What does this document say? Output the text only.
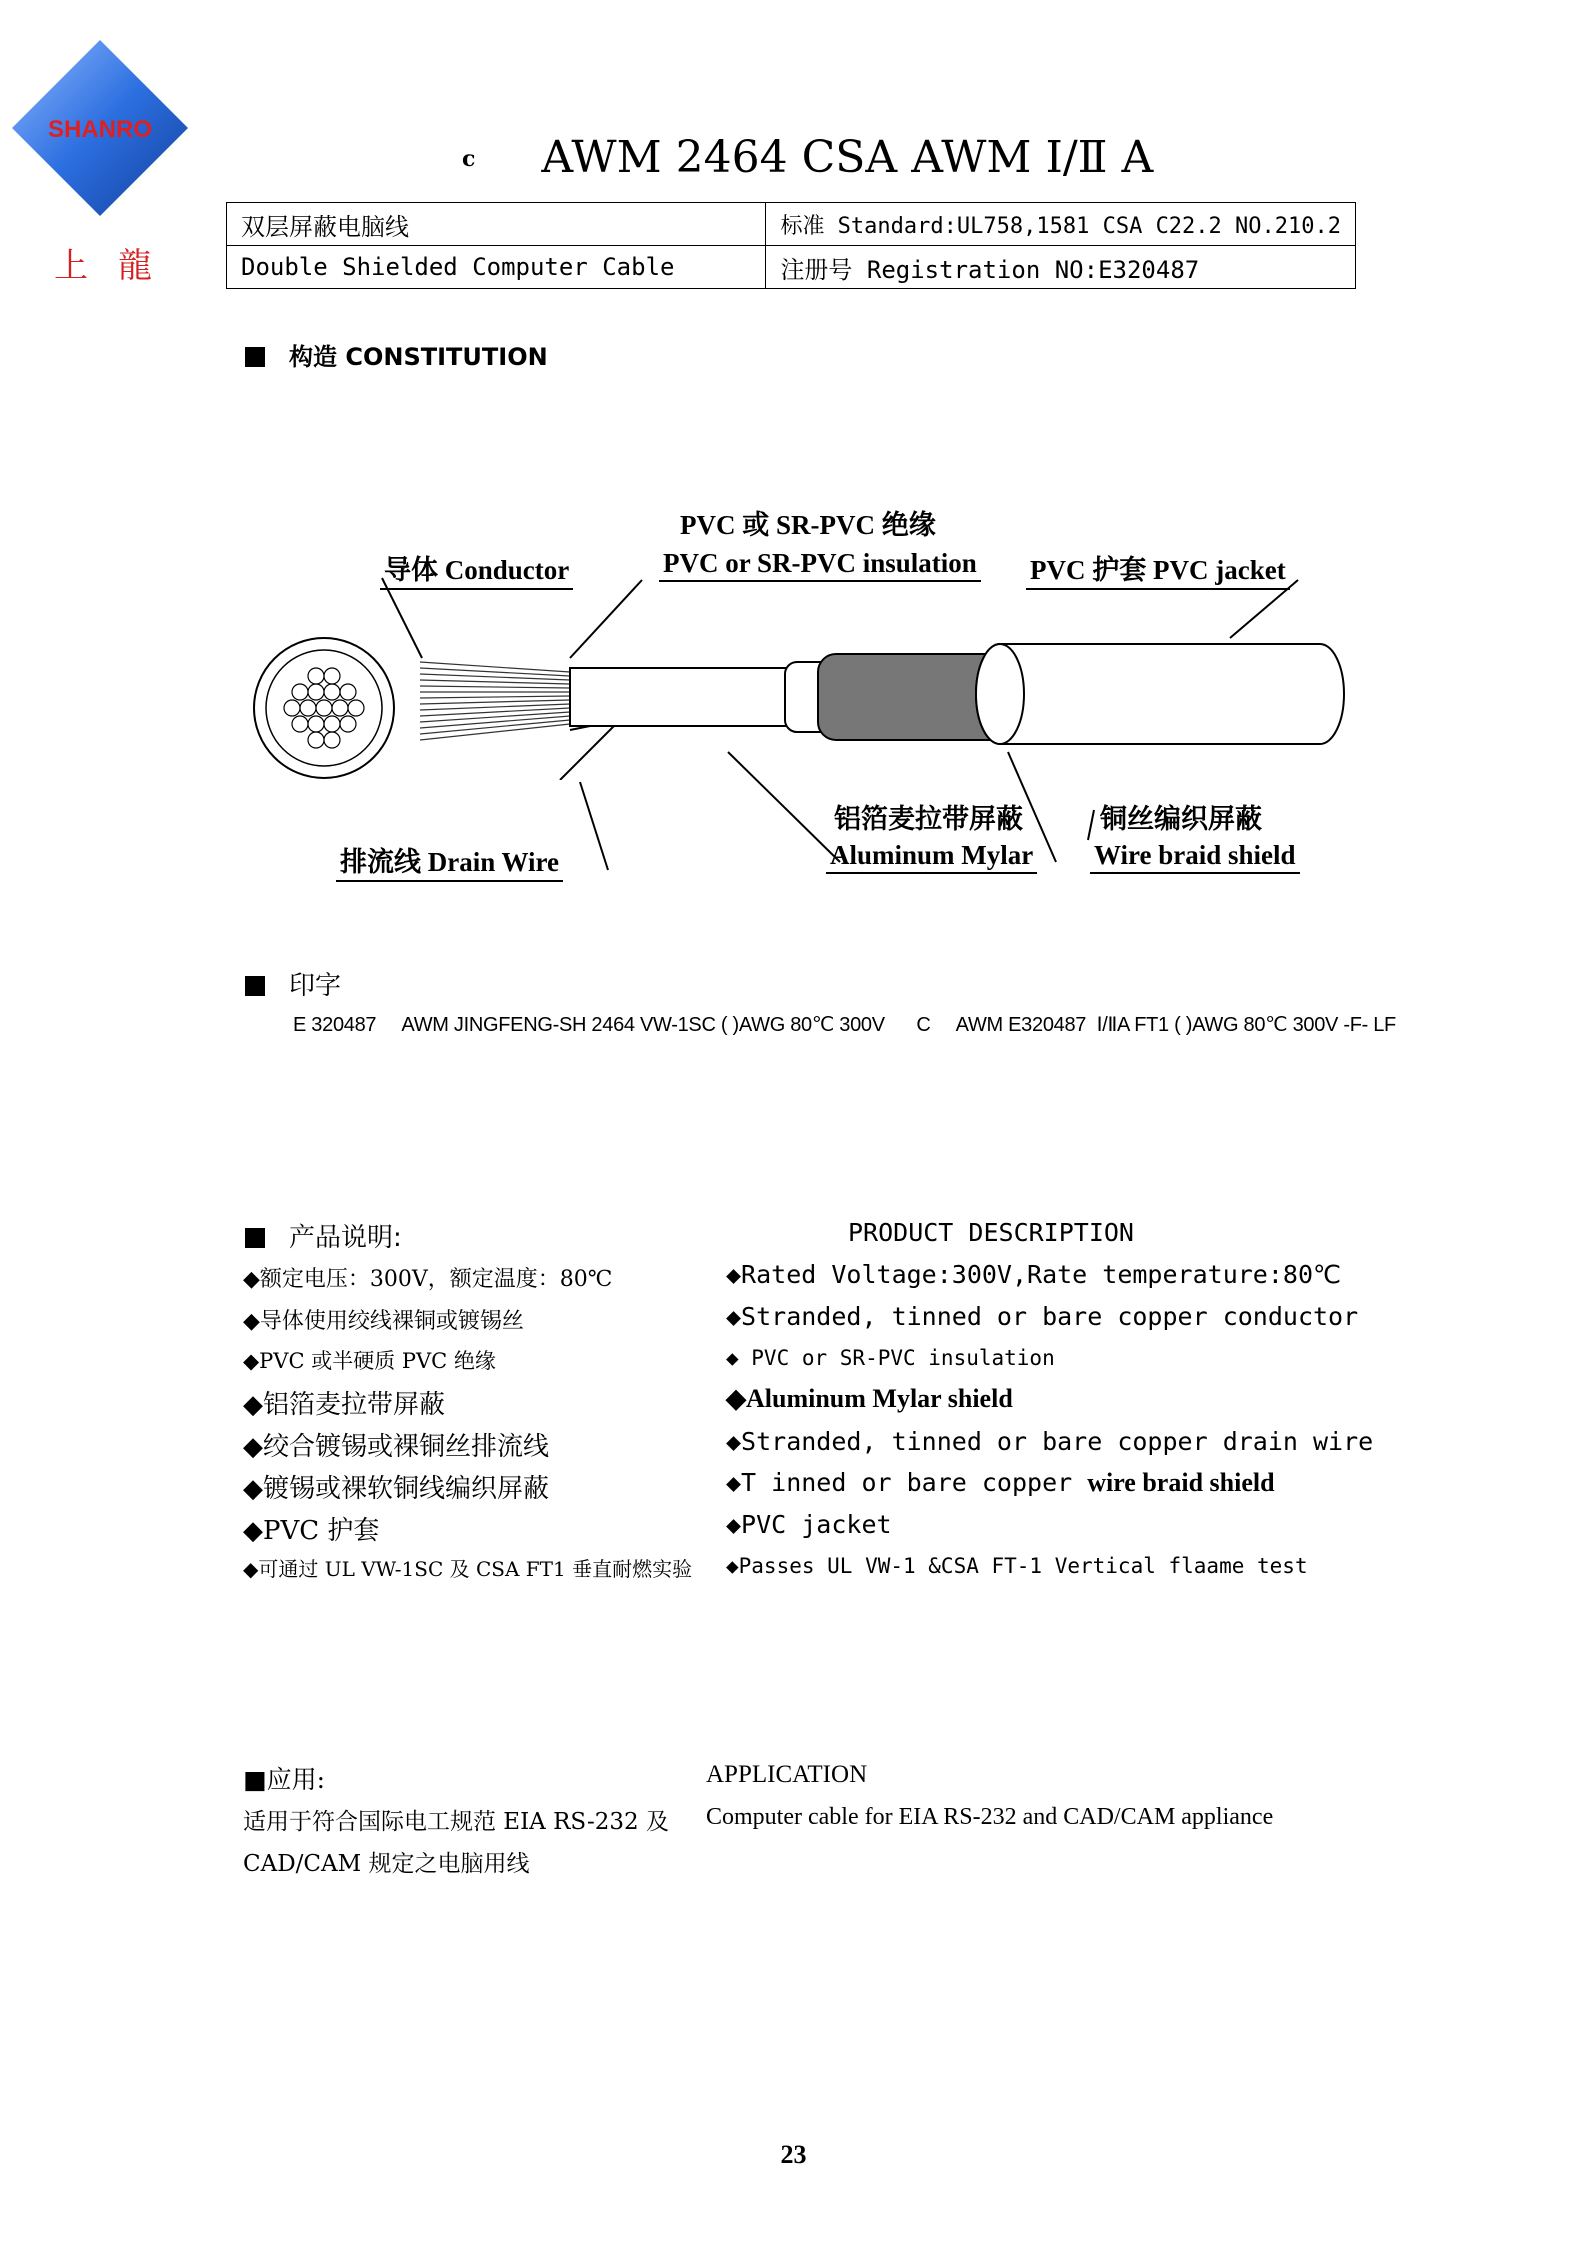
SHANRO
上龍
c AWM 2464 CSA AWM Ⅰ/Ⅱ A
双层屏蔽电脑线	标准 Standard:UL758,1581 CSA C22.2 NO.210.2
Double Shielded Computer Cable	注册号 Registration NO:E320487
构造 CONSTITUTION
PVC 或 SR-PVC 绝缘
PVC or SR-PVC insulation
导体 Conductor	PVC 护套 PVC jacket
排流线 Drain Wire
铝箔麦拉带屏蔽
Aluminum Mylar
铜丝编织屏蔽
Wire braid shield
印字
E 320487     AWM JINGFENG-SH 2464 VW-1SC ( )AWG 80℃ 300V      C     AWM E320487  Ⅰ/ⅡA FT1 ( )AWG 80℃ 300V -F- LF
产品说明:	PRODUCT DESCRIPTION
◆额定电压：300V，额定温度：80℃
◆导体使用绞线裸铜或镀锡丝
◆PVC 或半硬质 PVC 绝缘
◆铝箔麦拉带屏蔽
◆绞合镀锡或裸铜丝排流线
◆镀锡或裸软铜线编织屏蔽
◆PVC 护套
◆可通过 UL VW-1SC 及 CSA FT1 垂直耐燃实验
◆Rated Voltage:300V,Rate temperature:80℃
◆Stranded, tinned or bare copper conductor
◆ PVC or SR-PVC insulation
◆Aluminum Mylar shield
◆Stranded, tinned or bare copper drain wire
◆T inned or bare copper wire braid shield
◆PVC jacket
◆Passes UL VW-1 &CSA FT-1 Vertical flaame test
■应用:	APPLICATION
适用于符合国际电工规范 EIA RS-232 及
CAD/CAM 规定之电脑用线
Computer cable for EIA RS-232 and CAD/CAM appliance
23
